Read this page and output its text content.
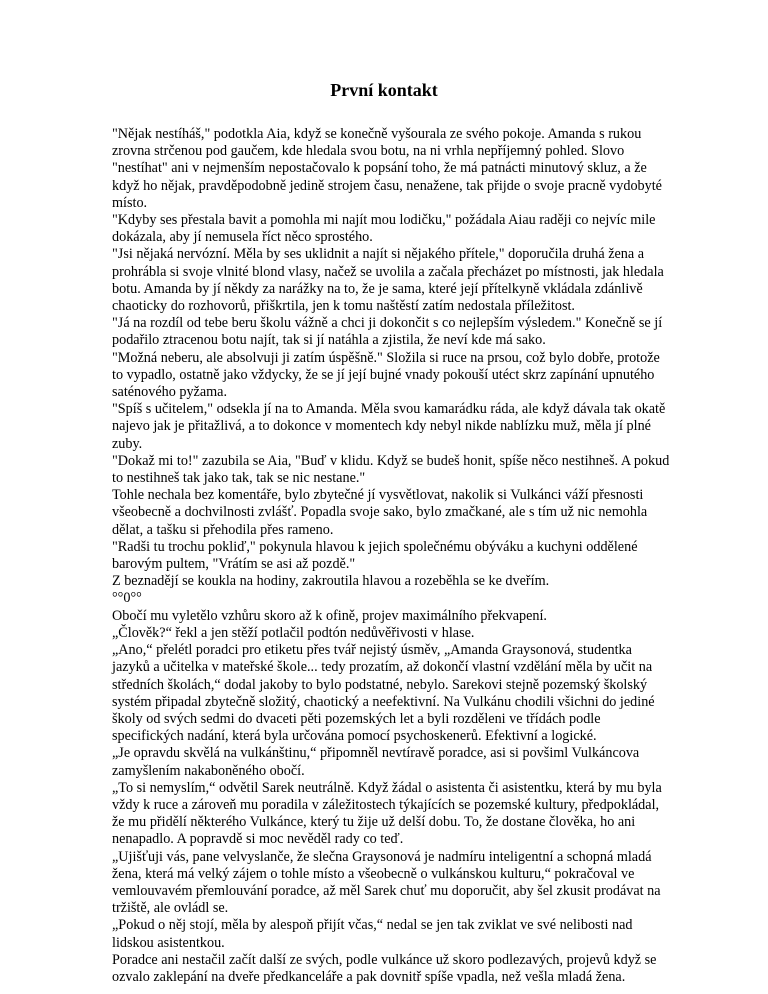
První kontakt

"Nějak nestíháš," podotkla Aia, když se konečně vyšourala ze svého pokoje. Amanda s rukou zrovna strčenou pod gaučem, kde hledala svou botu, na ni vrhla nepříjemný pohled. Slovo "nestíhat" ani v nejmenším nepostačovalo k popsání toho, že má patnácti minutový skluz, a že když ho nějak, pravděpodobně jedině strojem času, nenaženе, tak přijde o svoje pracně vydobyté místo.

"Kdyby ses přestala bavit a pomohla mi najít mou lodičku," požádala Aiau raději co nejvíc mile dokázala, aby jí nemusela říct něco sprostého.

"Jsi nějaká nervózní. Měla by ses uklidnit a najít si nějakého přítele," doporučila druhá žena a prohrábla si svoje vlnité blond vlasy, načež se uvolila a začala přecházet po místnosti, jak hledala botu. Amanda by jí někdy za narážky na to, že je sama, které její přítelkyně vkládala zdánlivě chaoticky do rozhovorů, přiškrtila, jen k tomu naštěstí zatím nedostala příležitost.

"Já na rozdíl od tebe beru školu vážně a chci ji dokončit s co nejlepším výsledem." Konečně se jí podařilo ztracenou botu najít, tak si jí natáhla a zjistila, že neví kde má sako.

"Možná neberu, ale absolvuji ji zatím úspěšně." Složila si ruce na prsou, což bylo dobře, protože to vypadlo, ostatně jako vždycky, že se jí její bujné vnady pokouší utéct skrz zapínání upnutého saténového pyžama.

"Spíš s učitelem," odsekla jí na to Amanda. Měla svou kamarádku ráda, ale když dávala tak okatě najevo jak je přitažlivá, a to dokonce v momentech kdy nebyl nikde nablízku muž, měla jí plné zuby.

"Dokaž mi to!" zazubila se Aia, "Buď v klidu. Když se budeš honit, spíše něco nestihneš. A pokud to nestihneš tak jako tak, tak se nic nestane."

Tohle nechala bez komentáře, bylo zbytečné jí vysvětlovat, nakolik si Vulkánci váží přesnosti všeobecně a dochvilnosti zvlášť. Popadla svoje sako, bylo zmačkané, ale s tím už nic nemohla dělat, a tašku si přehodila přes rameno.

"Radši tu trochu pokliď," pokynula hlavou k jejich společnému obýváku a kuchyni oddělené barovým pultem, "Vrátím se asi až pozdě."

Z beznadějí se koukla na hodiny, zakroutila hlavou a rozeběhla se ke dveřím.

°°0°°

Obočí mu vyletělo vzhůru skoro až k ofině, projev maximálního překvapení.

„Člověk?“ řekl a jen stěží potlačil podtón nedůvěřivosti v hlase.

„Ano,“ přelétl poradci pro etiketu přes tvář nejistý úsměv, „Amanda Graysonová, studentka jazyků a učitelka v mateřské škole... tedy prozatím, až dokončí vlastní vzdělání měla by učit na středních školách,“ dodal jakoby to bylo podstatné, nebylo. Sarekovi stejně pozemský školský systém připadal zbytečně složitý, chaotický a neefektivní. Na Vulkánu chodili všichni do jediné školy od svých sedmi do dvaceti pěti pozemských let a byli rozděleni ve třídách podle specifických nadání, která byla určována pomocí psychoskenerů. Efektivní a logické.

„Je opravdu skvělá na vulkánštinu,“ připomněl nevtíravě poradce, asi si povšiml Vulkáncova zamyšlením nakaboněného obočí.

„To si nemyslím,“ odvětil Sarek neutrálně. Když žádal o asistenta či asistentku, která by mu byla vždy k ruce a zároveň mu poradila v záležitostech týkajících se pozemské kultury, předpokládal, že mu přidělí některého Vulkánce, který tu žije už delší dobu. To, že dostane člověka, ho ani nenapadlo. A popravdě si moc nevěděl rady co teď.

„Ujišťuji vás, pane velvyslanče, že slečna Graysonová je nadmíru inteligentní a schopná mladá žena, která má velký zájem o tohle místo a všeobecně o vulkánskou kulturu,“ pokračoval ve vemlouvavém přemlouvání poradce, až měl Sarek chuť mu doporučit, aby šel zkusit prodávat na tržiště, ale ovládl se.

„Pokud o něj stojí, měla by alespoň přijít včas,“ nedal se jen tak zviklat ve své nelibosti nad lidskou asistentkou.

Poradce ani nestačil začít další ze svých, podle vulkánce už skoro podlezavých, projevů když se ozvalo zaklepání na dveře předkanceláře a pak dovnitř spíše vpadla, než vešla mladá žena.
